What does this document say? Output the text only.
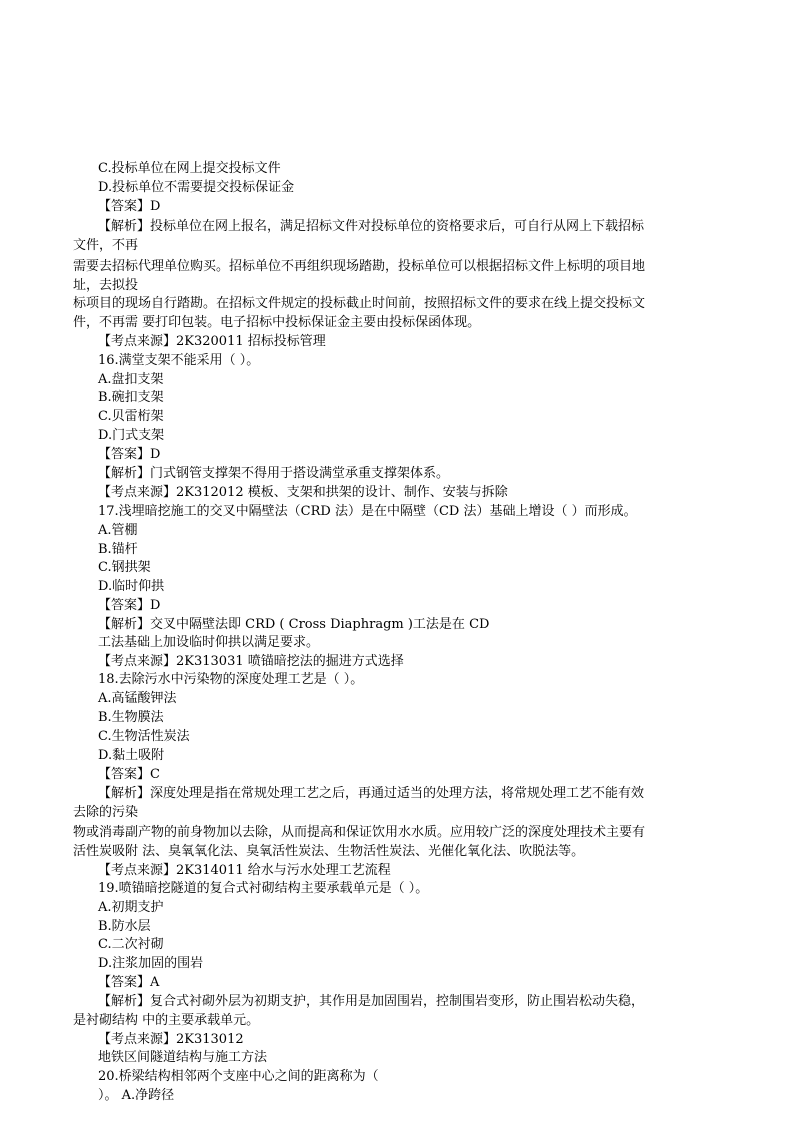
C.投标单位在网上提交投标文件
D.投标单位不需要提交投标保证金
【答案】D
【解析】投标单位在网上报名，满足招标文件对投标单位的资格要求后，可自行从网上下载招标
文件，不再
需要去招标代理单位购买。招标单位不再组织现场踏勘，投标单位可以根据招标文件上标明的项目地
址，去拟投
标项目的现场自行踏勘。在招标文件规定的投标截止时间前，按照招标文件的要求在线上提交投标文
件，不再需 要打印包装。电子招标中投标保证金主要由投标保函体现。
【考点来源】2K320011 招标投标管理
16.满堂支架不能采用（ ）。
A.盘扣支架
B.碗扣支架
C.贝雷桁架
D.门式支架
【答案】D
【解析】门式钢管支撑架不得用于搭设满堂承重支撑架体系。
【考点来源】2K312012 模板、支架和拱架的设计、制作、安装与拆除
17.浅埋暗挖施工的交叉中隔壁法（CRD 法）是在中隔壁（CD 法）基础上增设（ ）而形成。
A.管棚
B.锚杆
C.钢拱架
D.临时仰拱
【答案】D
【解析】交叉中隔壁法即 CRD ( Cross Diaphragm )工法是在 CD
工法基础上加设临时仰拱以满足要求。
【考点来源】2K313031 喷锚暗挖法的掘进方式选择
18.去除污水中污染物的深度处理工艺是（ ）。
A.高锰酸钾法
B.生物膜法
C.生物活性炭法
D.黏土吸附
【答案】C
【解析】深度处理是指在常规处理工艺之后，再通过适当的处理方法，将常规处理工艺不能有效
去除的污染
物或消毒副产物的前身物加以去除，从而提高和保证饮用水水质。应用较广泛的深度处理技术主要有
活性炭吸附 法、臭氧氧化法、臭氧活性炭法、生物活性炭法、光催化氧化法、吹脱法等。
【考点来源】2K314011 给水与污水处理工艺流程
19.喷锚暗挖隧道的复合式衬砌结构主要承载单元是（ ）。
A.初期支护
B.防水层
C.二次衬砌
D.注浆加固的围岩
【答案】A
【解析】复合式衬砌外层为初期支护，其作用是加固围岩，控制围岩变形，防止围岩松动失稳，
是衬砌结构 中的主要承载单元。
【考点来源】2K313012
地铁区间隧道结构与施工方法
20.桥梁结构相邻两个支座中心之间的距离称为（
）。 A.净跨径
